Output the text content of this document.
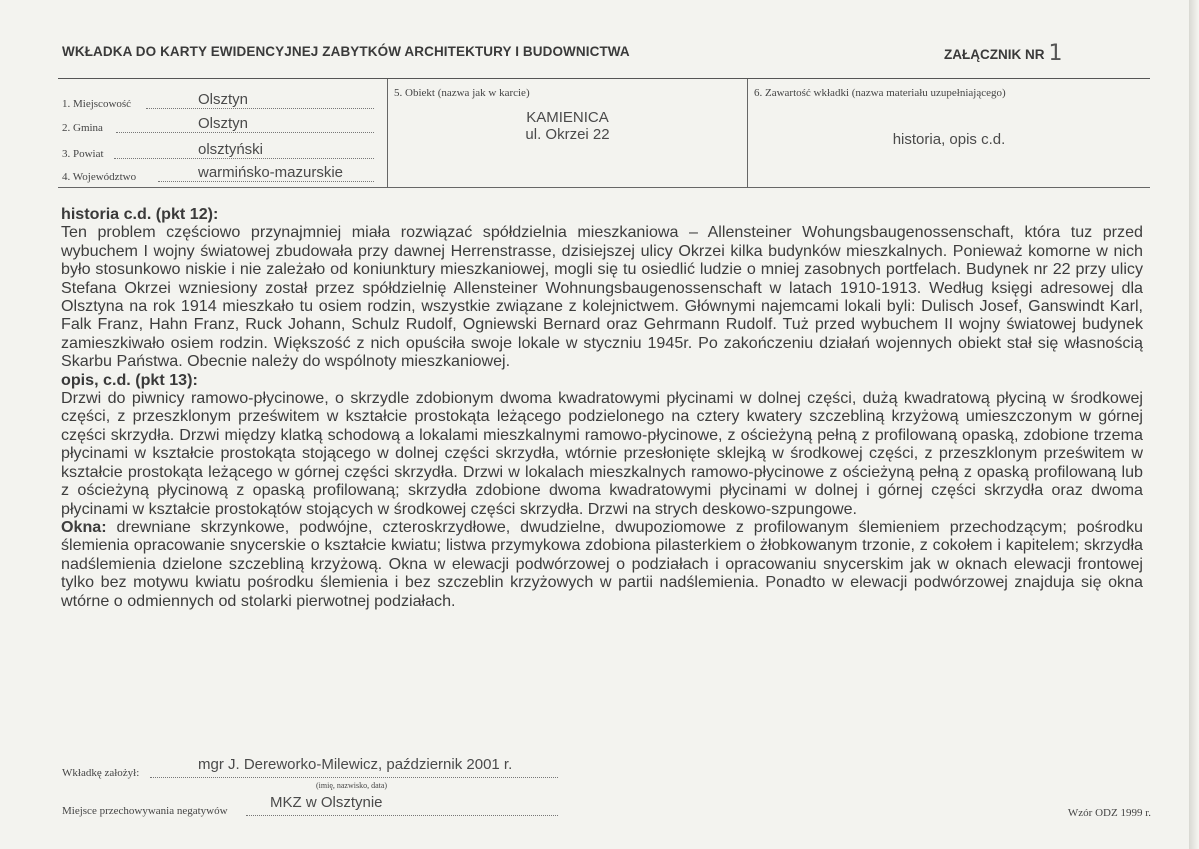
WKŁADKA DO KARTY EWIDENCYJNEJ ZABYTKÓW ARCHITEKTURY I BUDOWNICTWA	ZAŁĄCZNIK NR 1
1. Miejscowość	Olsztyn
2. Gmina	Olsztyn
3. Powiat	olsztyński
4. Województwo	warmińsko-mazurskie
5. Obiekt (nazwa jak w karcie)
KAMIENICA
ul. Okrzei 22
6. Zawartość wkładki (nazwa materiału uzupełniającego)
historia, opis c.d.
historia c.d. (pkt 12):

Ten problem częściowo przynajmniej miała rozwiązać spółdzielnia mieszkaniowa – Allensteiner Wohungsbaugenossenschaft, która tuz przed wybuchem I wojny światowej zbudowała przy dawnej Herrenstrasse, dzisiejszej ulicy Okrzei kilka budynków mieszkalnych. Ponieważ komorne w nich było stosunkowo niskie i nie zależało od koniunktury mieszkaniowej, mogli się tu osiedlić ludzie o mniej zasobnych portfelach. Budynek nr 22 przy ulicy Stefana Okrzei wzniesiony został przez spółdzielnię Allensteiner Wohnungsbaugenossenschaft w latach 1910-1913. Według księgi adresowej dla Olsztyna na rok 1914 mieszkało tu osiem rodzin, wszystkie związane z kolejnictwem. Głównymi najemcami lokali byli: Dulisch Josef, Ganswindt Karl, Falk Franz, Hahn Franz, Ruck Johann, Schulz Rudolf, Ogniewski Bernard oraz Gehrmann Rudolf. Tuż przed wybuchem II wojny światowej budynek zamieszkiwało osiem rodzin. Większość z nich opuściła swoje lokale w styczniu 1945r. Po zakończeniu działań wojennych obiekt stał się własnością Skarbu Państwa. Obecnie należy do wspólnoty mieszkaniowej.

opis, c.d. (pkt 13):

Drzwi do piwnicy ramowo-płycinowe, o skrzydle zdobionym dwoma kwadratowymi płycinami w dolnej części, dużą kwadratową płyciną w środkowej części, z przeszklonym prześwitem w kształcie prostokąta leżącego podzielonego na cztery kwatery szczebliną krzyżową umieszczonym w górnej części skrzydła. Drzwi między klatką schodową a lokalami mieszkalnymi ramowo-płycinowe, z ościeżyną pełną z profilowaną opaską, zdobione trzema płycinami w kształcie prostokąta stojącego w dolnej części skrzydła, wtórnie przesłonięte sklejką w środkowej części, z przeszklonym prześwitem w kształcie prostokąta leżącego w górnej części skrzydła. Drzwi w lokalach mieszkalnych ramowo-płycinowe z ościeżyną pełną z opaską profilowaną lub z ościeżyną płycinową z opaską profilowaną; skrzydła zdobione dwoma kwadratowymi płycinami w dolnej i górnej części skrzydła oraz dwoma płycinami w kształcie prostokątów stojących w środkowej części skrzydła. Drzwi na strych deskowo-szpungowe.

Okna: drewniane skrzynkowe, podwójne, czteroskrzydłowe, dwudzielne, dwupoziomowe z profilowanym ślemieniem przechodzącym; pośrodku ślemienia opracowanie snycerskie o kształcie kwiatu; listwa przymykowa zdobiona pilasterkiem o żłobkowanym trzonie, z cokołem i kapitelem; skrzydła nadślemienia dzielone szczebliną krzyżową. Okna w elewacji podwórzowej o podziałach i opracowaniu snycerskim jak w oknach elewacji frontowej tylko bez motywu kwiatu pośrodku ślemienia i bez szczeblin krzyżowych w partii nadślemienia. Ponadto w elewacji podwórzowej znajduja się okna wtórne o odmiennych od stolarki pierwotnej podziałach.

Wkładkę założył:	mgr J. Dereworko-Milewicz, październik 2001 r.
(imię, nazwisko, data)
Miejsce przechowywania negatywów	MKZ w Olsztynie
Wzór ODZ 1999 r.
